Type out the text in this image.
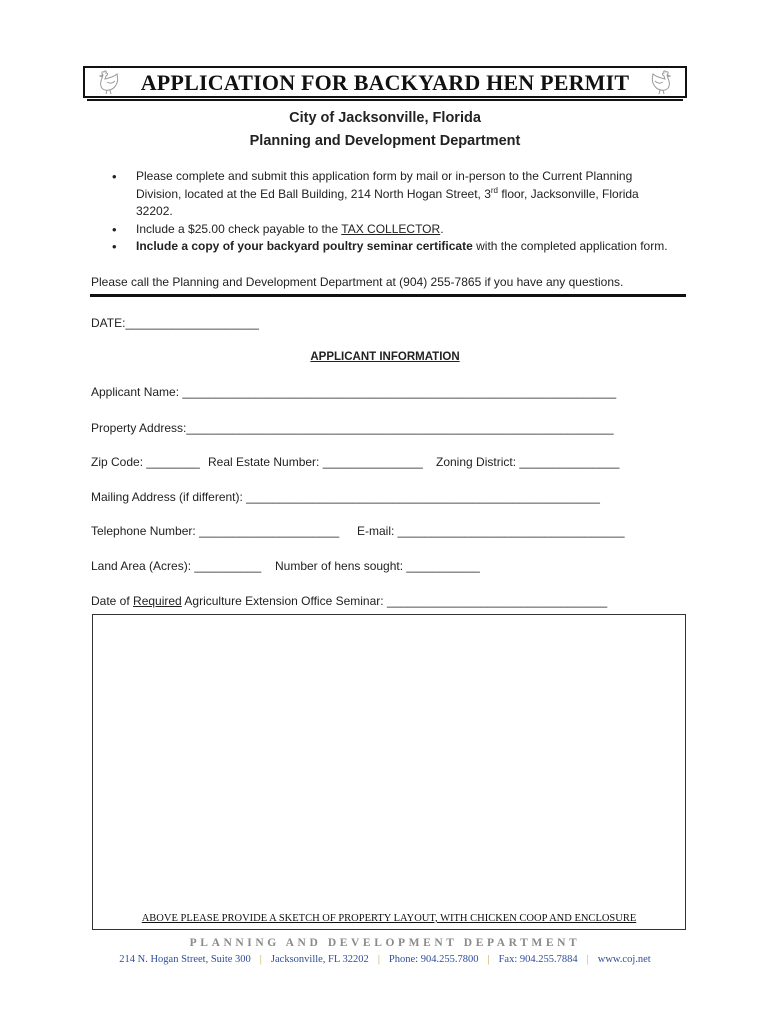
APPLICATION FOR BACKYARD HEN PERMIT
City of Jacksonville, Florida
Planning and Development Department
• Please complete and submit this application form by mail or in-person to the Current Planning Division, located at the Ed Ball Building, 214 North Hogan Street, 3rd floor, Jacksonville, Florida 32202.
• Include a $25.00 check payable to the TAX COLLECTOR.
• Include a copy of your backyard poultry seminar certificate with the completed application form.
Please call the Planning and Development Department at (904) 255-7865 if you have any questions.
DATE:____________________
APPLICANT INFORMATION
Applicant Name: _________________________________________________________________
Property Address:________________________________________________________________
Zip Code: ________ Real Estate Number: _______________ Zoning District: _______________
Mailing Address (if different): _____________________________________________________
Telephone Number: _____________________ E-mail: __________________________________
Land Area (Acres): __________ Number of hens sought: ___________
Date of Required Agriculture Extension Office Seminar: _________________________________
ABOVE PLEASE PROVIDE A SKETCH OF PROPERTY LAYOUT, WITH CHICKEN COOP AND ENCLOSURE
PLANNING AND DEVELOPMENT DEPARTMENT
214 N. Hogan Street, Suite 300 | Jacksonville, FL 32202 | Phone: 904.255.7800 | Fax: 904.255.7884 | www.coj.net
